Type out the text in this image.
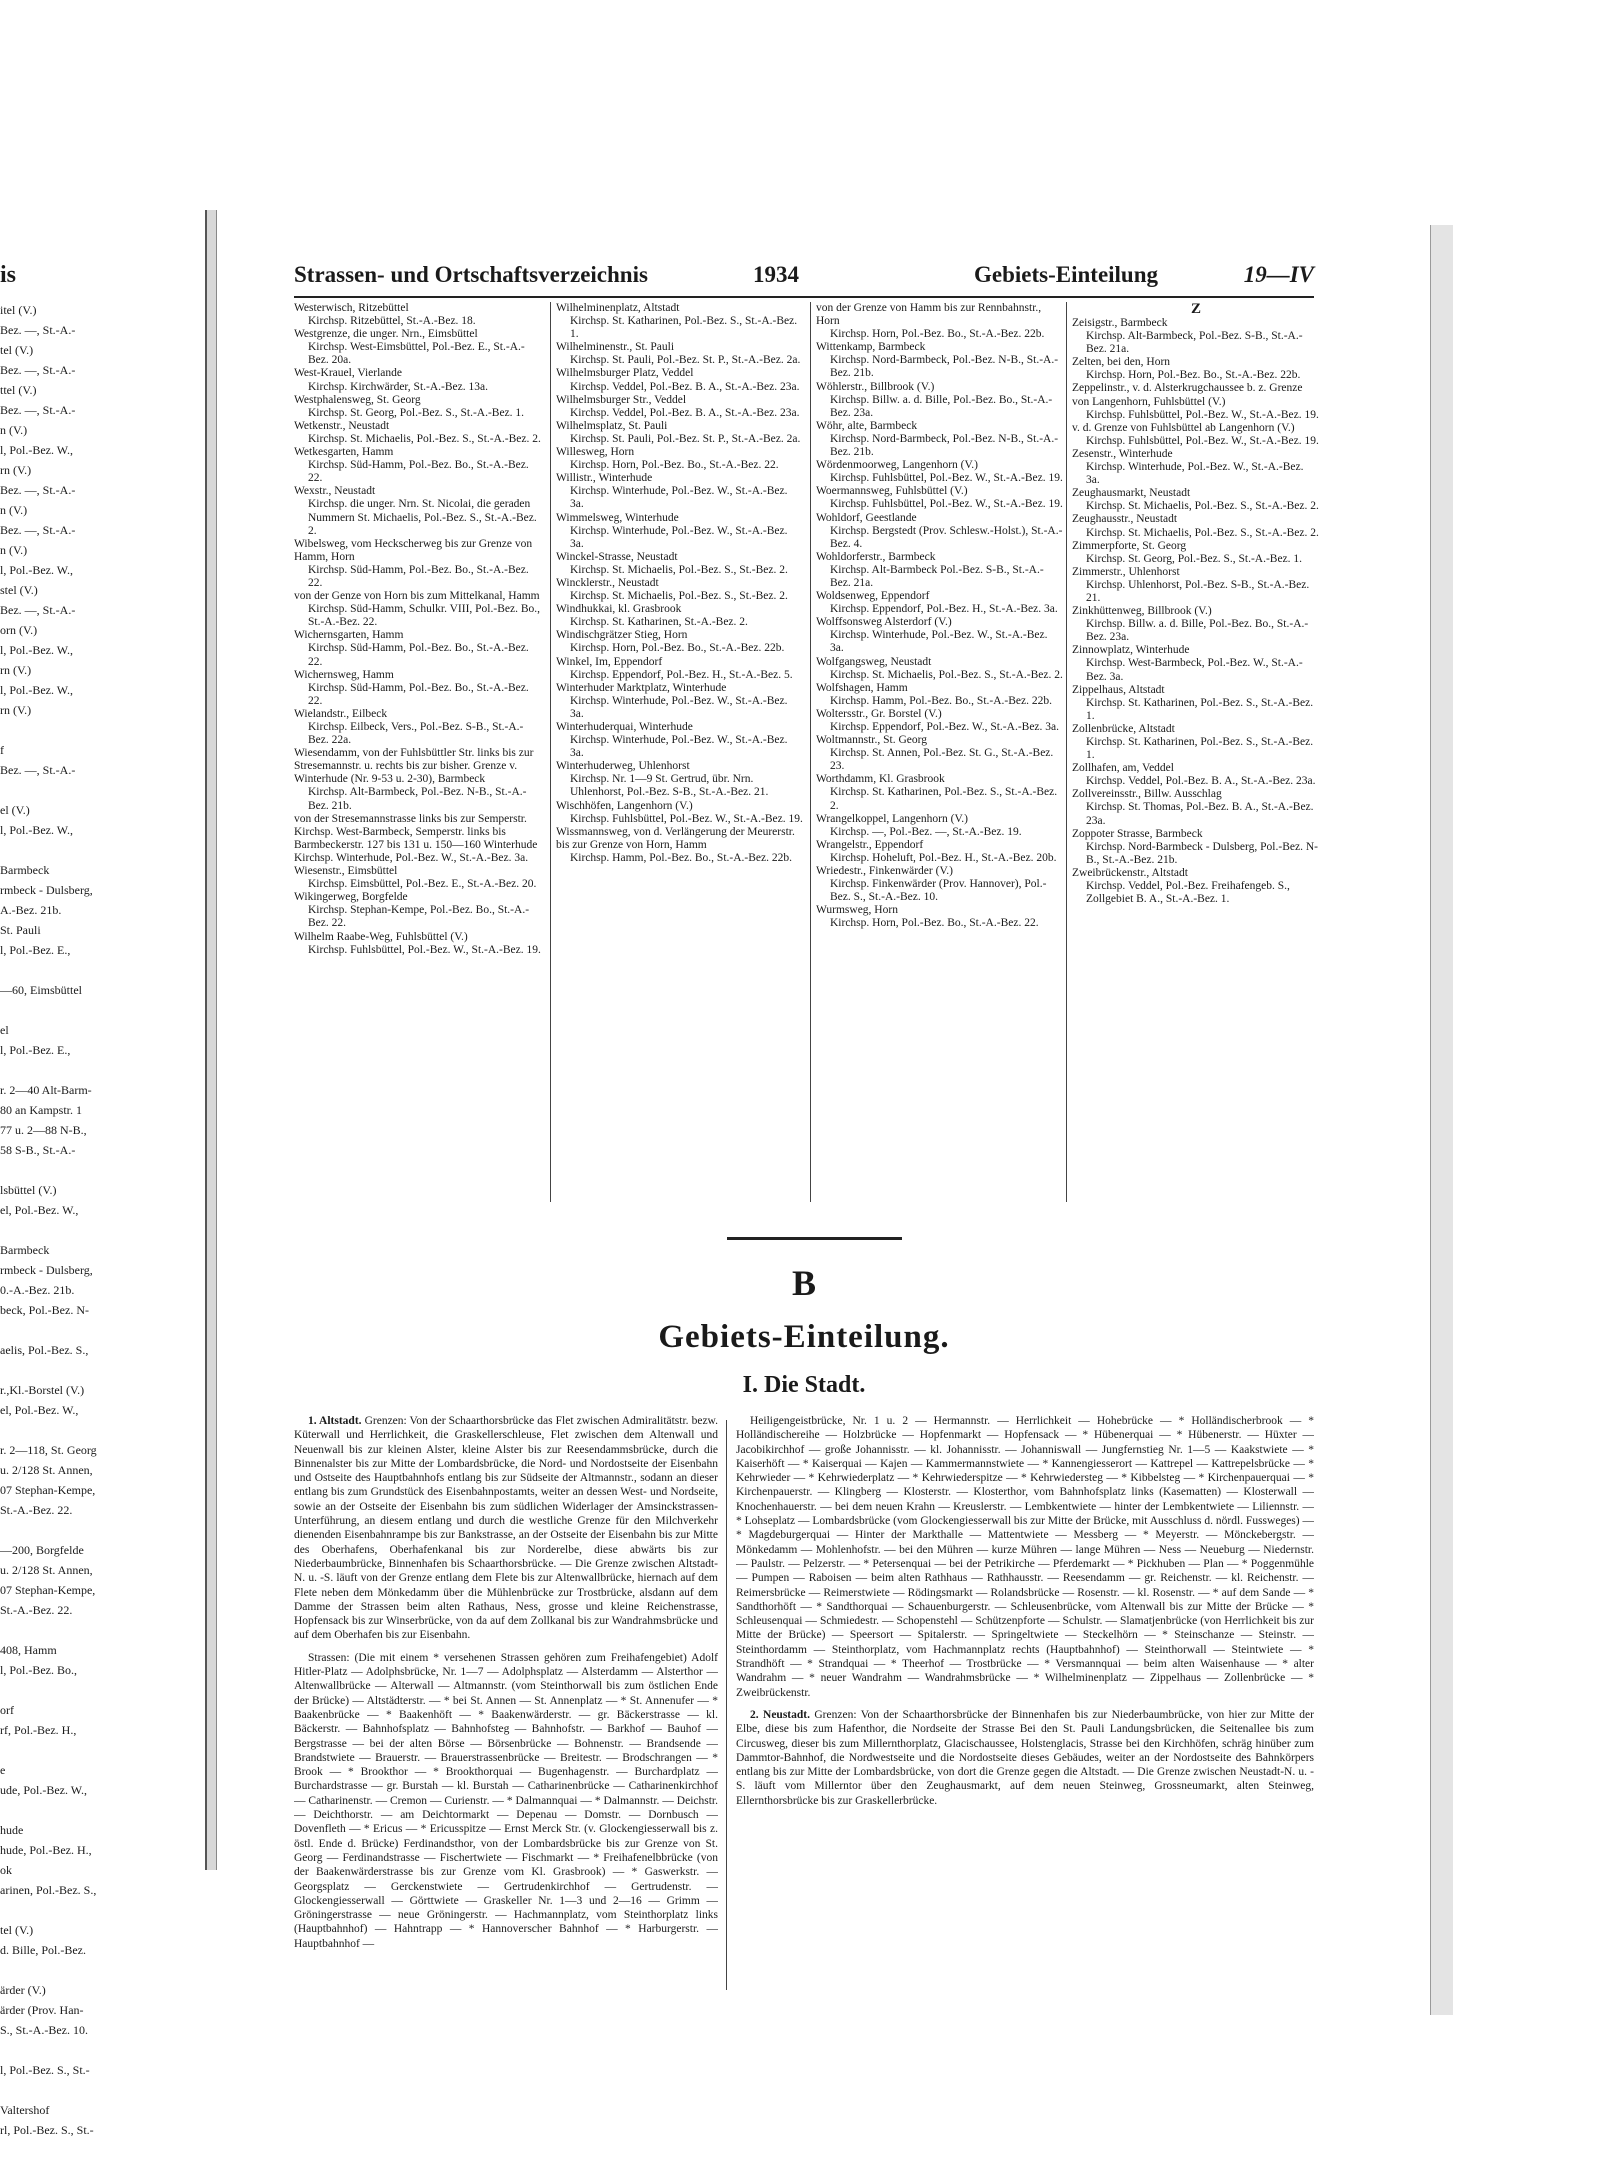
is
itel (V.)
Bez. —, St.-A.-
tel (V.)
Bez. —, St.-A.-
ttel (V.)
Bez. —, St.-A.-
n (V.)
l, Pol.-Bez. W.,
rn (V.)
Bez. —, St.-A.-
n (V.)
Bez. —, St.-A.-
n (V.)
l, Pol.-Bez. W.,
stel (V.)
Bez. —, St.-A.-
orn (V.)
l, Pol.-Bez. W.,
rn (V.)
l, Pol.-Bez. W.,
rn (V.)

f
Bez. —, St.-A.-

el (V.)
l, Pol.-Bez. W.,

Barmbeck
rmbeck - Dulsberg,
A.-Bez. 21b.
St. Pauli
l, Pol.-Bez. E.,

—60, Eimsbüttel

el
l, Pol.-Bez. E.,

r. 2—40 Alt-Barm-
80 an Kampstr. 1
77 u. 2—88 N-B.,
58 S-B., St.-A.-

lsbüttel (V.)
el, Pol.-Bez. W.,

Barmbeck
rmbeck - Dulsberg,
0.-A.-Bez. 21b.
beck, Pol.-Bez. N-

aelis, Pol.-Bez. S.,

r.,Kl.-Borstel (V.)
el, Pol.-Bez. W.,

r. 2—118, St. Georg
u. 2/128 St. Annen,
07 Stephan-Kempe,
St.-A.-Bez. 22.

—200, Borgfelde
u. 2/128 St. Annen,
07 Stephan-Kempe,
St.-A.-Bez. 22.

408, Hamm
l, Pol.-Bez. Bo.,

orf
rf, Pol.-Bez. H.,

e
ude, Pol.-Bez. W.,

hude
hude, Pol.-Bez. H.,
ok
arinen, Pol.-Bez. S.,

tel (V.)
d. Bille, Pol.-Bez.

ärder (V.)
ärder (Prov. Han-
S., St.-A.-Bez. 10.

l, Pol.-Bez. S., St.-

Valtershof
rl, Pol.-Bez. S., St.-
Strassen- und Ortschaftsverzeichnis	1934	Gebiets-Einteilung	19—IV
Westerwisch, Ritzebüttel
Kirchsp. Ritzebüttel, St.-A.-Bez. 18.
Westgrenze, die unger. Nrn., Eimsbüttel
Kirchsp. West-Eimsbüttel, Pol.-Bez. E., St.-A.-Bez. 20a.
West-Krauel, Vierlande
Kirchsp. Kirchwärder, St.-A.-Bez. 13a.
Westphalensweg, St. Georg
Kirchsp. St. Georg, Pol.-Bez. S., St.-A.-Bez. 1.
Wetkenstr., Neustadt
Kirchsp. St. Michaelis, Pol.-Bez. S., St.-A.-Bez. 2.
Wetkesgarten, Hamm
Kirchsp. Süd-Hamm, Pol.-Bez. Bo., St.-A.-Bez. 22.
Wexstr., Neustadt
Kirchsp. die unger. Nrn. St. Nicolai, die geraden Nummern St. Michaelis, Pol.-Bez. S., St.-A.-Bez. 2.
Wibelsweg, vom Heckscherweg bis zur Grenze von Hamm, Horn
Kirchsp. Süd-Hamm, Pol.-Bez. Bo., St.-A.-Bez. 22.
von der Genze von Horn bis zum Mittelkanal, Hamm
Kirchsp. Süd-Hamm, Schulkr. VIII, Pol.-Bez. Bo., St.-A.-Bez. 22.
Wichernsgarten, Hamm
Kirchsp. Süd-Hamm, Pol.-Bez. Bo., St.-A.-Bez. 22.
Wichernsweg, Hamm
Kirchsp. Süd-Hamm, Pol.-Bez. Bo., St.-A.-Bez. 22.
Wielandstr., Eilbeck
Kirchsp. Eilbeck, Vers., Pol.-Bez. S-B., St.-A.-Bez. 22a.
Wiesendamm, von der Fuhlsbüttler Str. links bis zur Stresemannstr. u. rechts bis zur bisher. Grenze v. Winterhude (Nr. 9-53 u. 2-30), Barmbeck
Kirchsp. Alt-Barmbeck, Pol.-Bez. N-B., St.-A.-Bez. 21b.
von der Stresemannstrasse links bis zur Semperstr. Kirchsp. West-Barmbeck, Semperstr. links bis Barmbeckerstr. 127 bis 131 u. 150—160 Winterhude Kirchsp. Winterhude, Pol.-Bez. W., St.-A.-Bez. 3a.
Wiesenstr., Eimsbüttel
Kirchsp. Eimsbüttel, Pol.-Bez. E., St.-A.-Bez. 20.
Wikingerweg, Borgfelde
Kirchsp. Stephan-Kempe, Pol.-Bez. Bo., St.-A.-Bez. 22.
Wilhelm Raabe-Weg, Fuhlsbüttel (V.)
Kirchsp. Fuhlsbüttel, Pol.-Bez. W., St.-A.-Bez. 19.
Wilhelminenplatz, Altstadt
Kirchsp. St. Katharinen, Pol.-Bez. S., St.-A.-Bez. 1.
Wilhelminenstr., St. Pauli
Kirchsp. St. Pauli, Pol.-Bez. St. P., St.-A.-Bez. 2a.
Wilhelmsburger Platz, Veddel
Kirchsp. Veddel, Pol.-Bez. B. A., St.-A.-Bez. 23a.
Wilhelmsburger Str., Veddel
Kirchsp. Veddel, Pol.-Bez. B. A., St.-A.-Bez. 23a.
Wilhelmsplatz, St. Pauli
Kirchsp. St. Pauli, Pol.-Bez. St. P., St.-A.-Bez. 2a.
Willesweg, Horn
Kirchsp. Horn, Pol.-Bez. Bo., St.-A.-Bez. 22.
Willistr., Winterhude
Kirchsp. Winterhude, Pol.-Bez. W., St.-A.-Bez. 3a.
Wimmelsweg, Winterhude
Kirchsp. Winterhude, Pol.-Bez. W., St.-A.-Bez. 3a.
Winckel-Strasse, Neustadt
Kirchsp. St. Michaelis, Pol.-Bez. S., St.-Bez. 2.
Wincklerstr., Neustadt
Kirchsp. St. Michaelis, Pol.-Bez. S., St.-Bez. 2.
Windhukkai, kl. Grasbrook
Kirchsp. St. Katharinen, St.-A.-Bez. 2.
Windischgrätzer Stieg, Horn
Kirchsp. Horn, Pol.-Bez. Bo., St.-A.-Bez. 22b.
Winkel, Im, Eppendorf
Kirchsp. Eppendorf, Pol.-Bez. H., St.-A.-Bez. 5.
Winterhuder Marktplatz, Winterhude
Kirchsp. Winterhude, Pol.-Bez. W., St.-A.-Bez. 3a.
Winterhuderquai, Winterhude
Kirchsp. Winterhude, Pol.-Bez. W., St.-A.-Bez. 3a.
Winterhuderweg, Uhlenhorst
Kirchsp. Nr. 1—9 St. Gertrud, übr. Nrn. Uhlenhorst, Pol.-Bez. S-B., St.-A.-Bez. 21.
Wischhöfen, Langenhorn (V.)
Kirchsp. Fuhlsbüttel, Pol.-Bez. W., St.-A.-Bez. 19.
Wissmannsweg, von d. Verlängerung der Meurerstr. bis zur Grenze von Horn, Hamm
Kirchsp. Hamm, Pol.-Bez. Bo., St.-A.-Bez. 22b.
von der Grenze von Hamm bis zur Rennbahnstr., Horn
Kirchsp. Horn, Pol.-Bez. Bo., St.-A.-Bez. 22b.
Wittenkamp, Barmbeck
Kirchsp. Nord-Barmbeck, Pol.-Bez. N-B., St.-A.-Bez. 21b.
Wöhlerstr., Billbrook (V.)
Kirchsp. Billw. a. d. Bille, Pol.-Bez. Bo., St.-A.-Bez. 23a.
Wöhr, alte, Barmbeck
Kirchsp. Nord-Barmbeck, Pol.-Bez. N-B., St.-A.-Bez. 21b.
Wördenmoorweg, Langenhorn (V.)
Kirchsp. Fuhlsbüttel, Pol.-Bez. W., St.-A.-Bez. 19.
Woermannsweg, Fuhlsbüttel (V.)
Kirchsp. Fuhlsbüttel, Pol.-Bez. W., St.-A.-Bez. 19.
Wohldorf, Geestlande
Kirchsp. Bergstedt (Prov. Schlesw.-Holst.), St.-A.-Bez. 4.
Wohldorferstr., Barmbeck
Kirchsp. Alt-Barmbeck Pol.-Bez. S-B., St.-A.-Bez. 21a.
Woldsenweg, Eppendorf
Kirchsp. Eppendorf, Pol.-Bez. H., St.-A.-Bez. 3a.
Wolffsonsweg Alsterdorf (V.)
Kirchsp. Winterhude, Pol.-Bez. W., St.-A.-Bez. 3a.
Wolfgangsweg, Neustadt
Kirchsp. St. Michaelis, Pol.-Bez. S., St.-A.-Bez. 2.
Wolfshagen, Hamm
Kirchsp. Hamm, Pol.-Bez. Bo., St.-A.-Bez. 22b.
Woltersstr., Gr. Borstel (V.)
Kirchsp. Eppendorf, Pol.-Bez. W., St.-A.-Bez. 3a.
Woltmannstr., St. Georg
Kirchsp. St. Annen, Pol.-Bez. St. G., St.-A.-Bez. 23.
Worthdamm, Kl. Grasbrook
Kirchsp. St. Katharinen, Pol.-Bez. S., St.-A.-Bez. 2.
Wrangelkoppel, Langenhorn (V.)
Kirchsp. —, Pol.-Bez. —, St.-A.-Bez. 19.
Wrangelstr., Eppendorf
Kirchsp. Hoheluft, Pol.-Bez. H., St.-A.-Bez. 20b.
Wriedestr., Finkenwärder (V.)
Kirchsp. Finkenwärder (Prov. Hannover), Pol.-Bez. S., St.-A.-Bez. 10.
Wurmsweg, Horn
Kirchsp. Horn, Pol.-Bez. Bo., St.-A.-Bez. 22.
Z
Zeisigstr., Barmbeck
Kirchsp. Alt-Barmbeck, Pol.-Bez. S-B., St.-A.-Bez. 21a.
Zelten, bei den, Horn
Kirchsp. Horn, Pol.-Bez. Bo., St.-A.-Bez. 22b.
Zeppelinstr., v. d. Alsterkrugchaussee b. z. Grenze von Langenhorn, Fuhlsbüttel (V.)
Kirchsp. Fuhlsbüttel, Pol.-Bez. W., St.-A.-Bez. 19.
v. d. Grenze von Fuhlsbüttel ab Langenhorn (V.)
Kirchsp. Fuhlsbüttel, Pol.-Bez. W., St.-A.-Bez. 19.
Zesenstr., Winterhude
Kirchsp. Winterhude, Pol.-Bez. W., St.-A.-Bez. 3a.
Zeughausmarkt, Neustadt
Kirchsp. St. Michaelis, Pol.-Bez. S., St.-A.-Bez. 2.
Zeughausstr., Neustadt
Kirchsp. St. Michaelis, Pol.-Bez. S., St.-A.-Bez. 2.
Zimmerpforte, St. Georg
Kirchsp. St. Georg, Pol.-Bez. S., St.-A.-Bez. 1.
Zimmerstr., Uhlenhorst
Kirchsp. Uhlenhorst, Pol.-Bez. S-B., St.-A.-Bez. 21.
Zinkhüttenweg, Billbrook (V.)
Kirchsp. Billw. a. d. Bille, Pol.-Bez. Bo., St.-A.-Bez. 23a.
Zinnowplatz, Winterhude
Kirchsp. West-Barmbeck, Pol.-Bez. W., St.-A.-Bez. 3a.
Zippelhaus, Altstadt
Kirchsp. St. Katharinen, Pol.-Bez. S., St.-A.-Bez. 1.
Zollenbrücke, Altstadt
Kirchsp. St. Katharinen, Pol.-Bez. S., St.-A.-Bez. 1.
Zollhafen, am, Veddel
Kirchsp. Veddel, Pol.-Bez. B. A., St.-A.-Bez. 23a.
Zollvereinsstr., Billw. Ausschlag
Kirchsp. St. Thomas, Pol.-Bez. B. A., St.-A.-Bez. 23a.
Zoppoter Strasse, Barmbeck
Kirchsp. Nord-Barmbeck - Dulsberg, Pol.-Bez. N-B., St.-A.-Bez. 21b.
Zweibrückenstr., Altstadt
Kirchsp. Veddel, Pol.-Bez. Freihafengeb. S., Zollgebiet B. A., St.-A.-Bez. 1.
B
Gebiets-Einteilung.
I. Die Stadt.

1. Altstadt. Grenzen: Von der Schaarthorsbrücke das Flet zwischen Admiralitätstr. bezw. Küterwall und Herrlichkeit, die Graskellerschleuse, Flet zwischen dem Altenwall und Neuenwall bis zur kleinen Alster, kleine Alster bis zur Reesendammsbrücke, durch die Binnenalster bis zur Mitte der Lombardsbrücke, die Nord- und Nordostseite der Eisenbahn und Ostseite des Hauptbahnhofs entlang bis zur Südseite der Altmannstr., sodann an dieser entlang bis zum Grundstück des Eisenbahnpostamts, weiter an dessen West- und Nordseite, sowie an der Ostseite der Eisenbahn bis zum südlichen Widerlager der Amsinckstrassen-Unterführung, an diesem entlang und durch die westliche Grenze für den Milchverkehr dienenden Eisenbahnrampe bis zur Bankstrasse, an der Ostseite der Eisenbahn bis zur Mitte des Oberhafens, Oberhafenkanal bis zur Norderelbe, diese abwärts bis zur Niederbaumbrücke, Binnenhafen bis Schaarthorsbrücke. — Die Grenze zwischen Altstadt-N. u. -S. läuft von der Grenze entlang dem Flete bis zur Altenwallbrücke, hiernach auf dem Flete neben dem Mönkedamm über die Mühlenbrücke zur Trostbrücke, alsdann auf dem Damme der Strassen beim alten Rathaus, Ness, grosse und kleine Reichenstrasse, Hopfensack bis zur Winserbrücke, von da auf dem Zollkanal bis zur Wandrahmsbrücke und auf dem Oberhafen bis zur Eisenbahn.

Strassen: (Die mit einem * versehenen Strassen gehören zum Freihafengebiet) Adolf Hitler-Platz — Adolphsbrücke, Nr. 1—7 — Adolphsplatz — Alsterdamm — Alsterthor — Altenwallbrücke — Alterwall — Altmannstr. (vom Steinthorwall bis zum östlichen Ende der Brücke) — Altstädterstr. — * bei St. Annen — St. Annenplatz — * St. Annenufer — * Baakenbrücke — * Baakenhöft — * Baakenwärderstr. — gr. Bäckerstrasse — kl. Bäckerstr. — Bahnhofsplatz — Bahnhofsteg — Bahnhofstr. — Barkhof — Bauhof — Bergstrasse — bei der alten Börse — Börsenbrücke — Bohnenstr. — Brandsende — Brandstwiete — Brauerstr. — Brauerstrassenbrücke — Breitestr. — Brodschrangen — * Brook — * Brookthor — * Brookthorquai — Bugenhagenstr. — Burchardplatz — Burchardstrasse — gr. Burstah — kl. Burstah — Catharinenbrücke — Catharinenkirchhof — Catharinenstr. — Cremon — Curienstr. — * Dalmannquai — * Dalmannstr. — Deichstr. — Deichthorstr. — am Deichtormarkt — Depenau — Domstr. — Dornbusch — Dovenfleth — * Ericus — * Ericusspitze — Ernst Merck Str. (v. Glockengiesserwall bis z. östl. Ende d. Brücke) Ferdinandsthor, von der Lombardsbrücke bis zur Grenze von St. Georg — Ferdinandstrasse — Fischertwiete — Fischmarkt — * Freihafenelbbrücke (von der Baakenwärderstrasse bis zur Grenze vom Kl. Grasbrook) — * Gaswerkstr. — Georgsplatz — Gerckenstwiete — Gertrudenkirchhof — Gertrudenstr. — Glockengiesserwall — Görttwiete — Graskeller Nr. 1—3 und 2—16 — Grimm — Gröningerstrasse — neue Gröningerstr. — Hachmannplatz, vom Steinthorplatz links (Hauptbahnhof) — Hahntrapp — * Hannoverscher Bahnhof — * Harburgerstr. — Hauptbahnhof —

Heiligengeistbrücke, Nr. 1 u. 2 — Hermannstr. — Herrlichkeit — Hohebrücke — * Holländischerbrook — * Holländischereihe — Holzbrücke — Hopfenmarkt — Hopfensack — * Hübenerquai — * Hübenerstr. — Hüxter — Jacobikirchhof — große Johannisstr. — kl. Johannisstr. — Johanniswall — Jungfernstieg Nr. 1—5 — Kaakstwiete — * Kaiserhöft — * Kaiserquai — Kajen — Kammermannstwiete — * Kannengiesserort — Kattrepel — Kattrepelsbrücke — * Kehrwieder — * Kehrwiederplatz — * Kehrwiederspitze — * Kehrwiedersteg — * Kibbelsteg — * Kirchenpauerquai — * Kirchenpauerstr. — Klingberg — Klosterstr. — Klosterthor, vom Bahnhofsplatz links (Kasematten) — Klosterwall — Knochenhauerstr. — bei dem neuen Krahn — Kreuslerstr. — Lembkentwiete — hinter der Lembkentwiete — Liliennstr. — * Lohseplatz — Lombardsbrücke (vom Glockengiesserwall bis zur Mitte der Brücke, mit Ausschluss d. nördl. Fussweges) — * Magdeburgerquai — Hinter der Markthalle — Mattentwiete — Messberg — * Meyerstr. — Mönckebergstr. — Mönkedamm — Mohlenhofstr. — bei den Mühren — kurze Mühren — lange Mühren — Ness — Neueburg — Niedernstr. — Paulstr. — Pelzerstr. — * Petersenquai — bei der Petrikirche — Pferdemarkt — * Pickhuben — Plan — * Poggenmühle — Pumpen — Raboisen — beim alten Rathhaus — Rathhausstr. — Reesendamm — gr. Reichenstr. — kl. Reichenstr. — Reimersbrücke — Reimerstwiete — Rödingsmarkt — Rolandsbrücke — Rosenstr. — kl. Rosenstr. — * auf dem Sande — * Sandthorhöft — * Sandthorquai — Schauenburgerstr. — Schleusenbrücke, vom Altenwall bis zur Mitte der Brücke — * Schleusenquai — Schmiedestr. — Schopenstehl — Schützenpforte — Schulstr. — Slamatjenbrücke (von Herrlichkeit bis zur Mitte der Brücke) — Speersort — Spitalerstr. — Springeltwiete — Steckelhörn — * Steinschanze — Steinstr. — Steinthordamm — Steinthorplatz, vom Hachmannplatz rechts (Hauptbahnhof) — Steinthorwall — Steintwiete — * Strandhöft — * Strandquai — * Theerhof — Trostbrücke — * Versmannquai — beim alten Waisenhause — * alter Wandrahm — * neuer Wandrahm — Wandrahmsbrücke — * Wilhelminenplatz — Zippelhaus — Zollenbrücke — * Zweibrückenstr.

2. Neustadt. Grenzen: Von der Schaarthorsbrücke der Binnenhafen bis zur Niederbaumbrücke, von hier zur Mitte der Elbe, diese bis zum Hafenthor, die Nordseite der Strasse Bei den St. Pauli Landungsbrücken, die Seitenallee bis zum Circusweg, dieser bis zum Millernthorplatz, Glacischaussee, Holstenglacis, Strasse bei den Kirchhöfen, schräg hinüber zum Dammtor-Bahnhof, die Nordwestseite und die Nordostseite dieses Gebäudes, weiter an der Nordostseite des Bahnkörpers entlang bis zur Mitte der Lombardsbrücke, von dort die Grenze gegen die Altstadt. — Die Grenze zwischen Neustadt-N. u. -S. läuft vom Millerntor über den Zeughausmarkt, auf dem neuen Steinweg, Grossneumarkt, alten Steinweg, Ellernthorsbrücke bis zur Graskellerbrücke.
